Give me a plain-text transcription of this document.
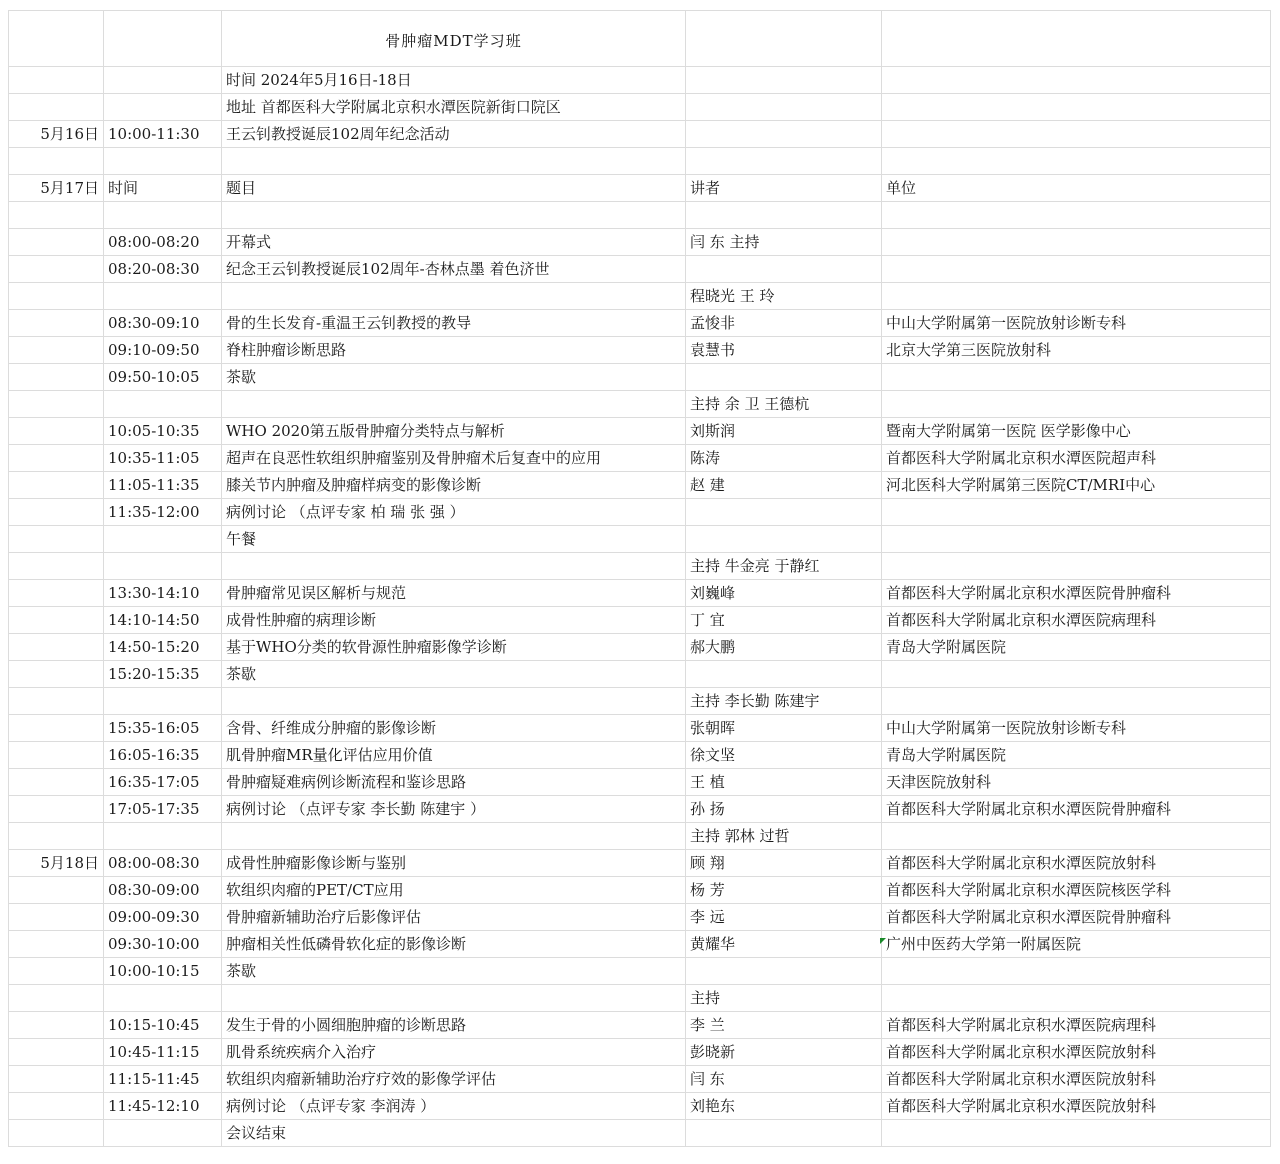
		骨肿瘤MDT学习班		
		时间 2024年5月16日-18日		
		地址 首都医科大学附属北京积水潭医院新街口院区		
5月16日	10:00-11:30	王云钊教授诞辰102周年纪念活动		

5月17日	时间	题目	讲者	单位

	08:00-08:20	开幕式	闫 东 主持	
	08:20-08:30	纪念王云钊教授诞辰102周年-杏林点墨 着色济世		
			程晓光 王 玲	
	08:30-09:10	骨的生长发育-重温王云钊教授的教导	孟悛非	中山大学附属第一医院放射诊断专科
	09:10-09:50	脊柱肿瘤诊断思路	袁慧书	北京大学第三医院放射科
	09:50-10:05	茶歇		
			主持 余 卫 王德杭	
	10:05-10:35	WHO 2020第五版骨肿瘤分类特点与解析	刘斯润	暨南大学附属第一医院 医学影像中心
	10:35-11:05	超声在良恶性软组织肿瘤鉴别及骨肿瘤术后复查中的应用	陈涛	首都医科大学附属北京积水潭医院超声科
	11:05-11:35	膝关节内肿瘤及肿瘤样病变的影像诊断	赵 建	河北医科大学附属第三医院CT/MRI中心
	11:35-12:00	病例讨论 （点评专家 柏 瑞 张 强 ）		
		午餐		
			主持 牛金亮 于静红	
	13:30-14:10	骨肿瘤常见误区解析与规范	刘巍峰	首都医科大学附属北京积水潭医院骨肿瘤科
	14:10-14:50	成骨性肿瘤的病理诊断	丁 宜	首都医科大学附属北京积水潭医院病理科
	14:50-15:20	基于WHO分类的软骨源性肿瘤影像学诊断	郝大鹏	青岛大学附属医院
	15:20-15:35	茶歇		
			主持 李长勤 陈建宇	
	15:35-16:05	含骨、纤维成分肿瘤的影像诊断	张朝晖	中山大学附属第一医院放射诊断专科
	16:05-16:35	肌骨肿瘤MR量化评估应用价值	徐文坚	青岛大学附属医院
	16:35-17:05	骨肿瘤疑难病例诊断流程和鉴诊思路	王 植	天津医院放射科
	17:05-17:35	病例讨论 （点评专家 李长勤 陈建宇 ）	孙 扬	首都医科大学附属北京积水潭医院骨肿瘤科
			主持 郭林 过哲	
5月18日	08:00-08:30	成骨性肿瘤影像诊断与鉴别	顾 翔	首都医科大学附属北京积水潭医院放射科
	08:30-09:00	软组织肉瘤的PET/CT应用	杨 芳	首都医科大学附属北京积水潭医院核医学科
	09:00-09:30	骨肿瘤新辅助治疗后影像评估	李 远	首都医科大学附属北京积水潭医院骨肿瘤科
	09:30-10:00	肿瘤相关性低磷骨软化症的影像诊断	黄耀华	广州中医药大学第一附属医院
	10:00-10:15	茶歇		
			主持	
	10:15-10:45	发生于骨的小圆细胞肿瘤的诊断思路	李 兰	首都医科大学附属北京积水潭医院病理科
	10:45-11:15	肌骨系统疾病介入治疗	彭晓新	首都医科大学附属北京积水潭医院放射科
	11:15-11:45	软组织肉瘤新辅助治疗疗效的影像学评估	闫 东	首都医科大学附属北京积水潭医院放射科
	11:45-12:10	病例讨论 （点评专家 李润涛 ）	刘艳东	首都医科大学附属北京积水潭医院放射科
		会议结束		
